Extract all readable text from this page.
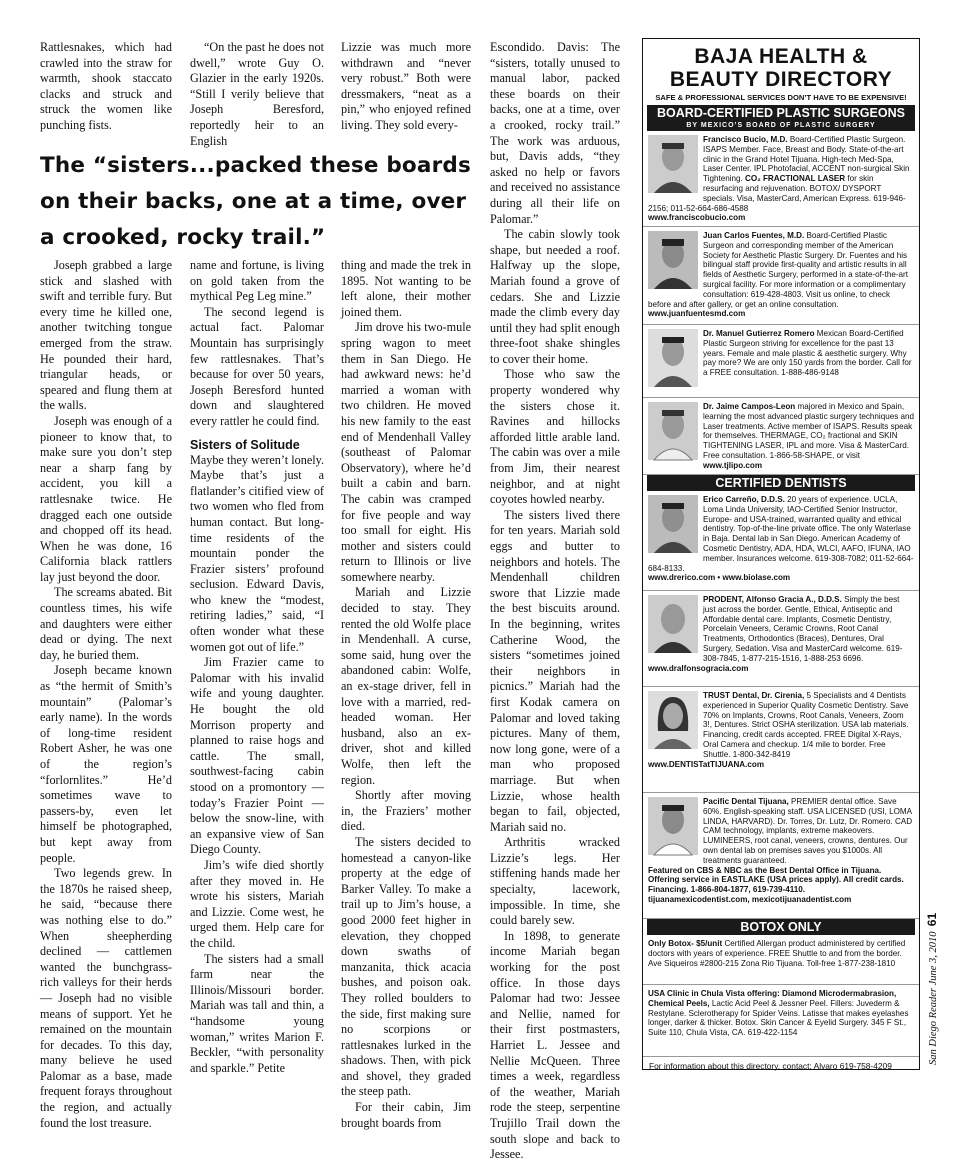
Rattlesnakes, which had crawled into the straw for warmth, shook staccato clacks and struck and struck the women like punching fists.

“On the past he does not dwell,” wrote Guy O. Glazier in the early 1920s. “Still I verily believe that Joseph Beresford, reportedly heir to an English

Lizzie was much more withdrawn and “never very robust.” Both were dressmakers, “neat as a pin,” who enjoyed refined living. They sold every-

The “sisters...packed these boards on their backs, one at a time, over a crooked, rocky trail.”

Joseph grabbed a large stick and slashed with swift and terrible fury. But every time he killed one, another twitching tongue emerged from the straw. He pounded their hard, triangular heads, or speared and flung them at the walls.

Joseph was enough of a pioneer to know that, to make sure you don’t step near a sharp fang by accident, you kill a rattlesnake twice. He dragged each one outside and chopped off its head. When he was done, 16 California black rattlers lay just beyond the door.

The screams abated. Bit countless times, his wife and daughters were either dead or dying. The next day, he buried them.

Joseph became known as “the hermit of Smith’s mountain” (Palomar’s early name). In the words of long-time resident Robert Asher, he was one of the region’s “forlornlites.” He’d sometimes wave to passers-by, even let himself be photographed, but kept away from people.

Two legends grew. In the 1870s he raised sheep, he said, “because there was nothing else to do.” When sheepherding declined — cattlemen wanted the bunchgrass-rich valleys for their herds — Joseph had no visible means of support. Yet he remained on the mountain for decades. To this day, many believe he used Palomar as a base, made frequent forays throughout the region, and actually found the lost treasure.

name and fortune, is living on gold taken from the mythical Peg Leg mine.”

The second legend is actual fact. Palomar Mountain has surprisingly few rattlesnakes. That’s because for over 50 years, Joseph Beresford hunted down and slaughtered every rattler he could find.

Sisters of Solitude

Maybe they weren’t lonely. Maybe that’s just a flatlander’s citified view of two women who fled from human contact. But long-time residents of the mountain ponder the Frazier sisters’ profound seclusion. Edward Davis, who knew the “modest, retiring ladies,” said, “I often wonder what these women got out of life.”

Jim Frazier came to Palomar with his invalid wife and young daughter. He bought the old Morrison property and planned to raise hogs and cattle. The small, southwest-facing cabin stood on a promontory — today’s Frazier Point — below the snow-line, with an expansive view of San Diego County.

Jim’s wife died shortly after they moved in. He wrote his sisters, Mariah and Lizzie. Come west, he urged them. Help care for the child.

The sisters had a small farm near the Illinois/Missouri border. Mariah was tall and thin, a “handsome young woman,” writes Marion F. Beckler, “with personality and sparkle.” Petite

thing and made the trek in 1895. Not wanting to be left alone, their mother joined them.

Jim drove his two-mule spring wagon to meet them in San Diego. He had awkward news: he’d married a woman with two children. He moved his new family to the east end of Mendenhall Valley (southeast of Palomar Observatory), where he’d built a cabin and barn. The cabin was cramped for five people and way too small for eight. His mother and sisters could return to Illinois or live somewhere nearby.

Mariah and Lizzie decided to stay. They rented the old Wolfe place in Mendenhall. A curse, some said, hung over the abandoned cabin: Wolfe, an ex-stage driver, fell in love with a married, red-headed woman. Her husband, also an ex-driver, shot and killed Wolfe, then left the region.

Shortly after moving in, the Fraziers’ mother died.

The sisters decided to homestead a canyon-like property at the edge of Barker Valley. To make a trail up to Jim’s house, a good 2000 feet higher in elevation, they chopped down swaths of manzanita, thick acacia bushes, and poison oak. They rolled boulders to the side, first making sure no scorpions or rattlesnakes lurked in the shadows. Then, with pick and shovel, they graded the steep path.

For their cabin, Jim brought boards from

Escondido. Davis: The “sisters, totally unused to manual labor, packed these boards on their backs, one at a time, over a crooked, rocky trail.” The work was arduous, but, Davis adds, “they asked no help or favors and received no assistance during all their life on Palomar.”

The cabin slowly took shape, but needed a roof. Halfway up the slope, Mariah found a grove of cedars. She and Lizzie made the climb every day until they had split enough three-foot shake shingles to cover their home.

Those who saw the property wondered why the sisters chose it. Ravines and hillocks afforded little arable land. The cabin was over a mile from Jim, their nearest neighbor, and at night coyotes howled nearby.

The sisters lived there for ten years. Mariah sold eggs and butter to neighbors and hotels. The Mendenhall children swore that Lizzie made the best biscuits around. In the beginning, writes Catherine Wood, the sisters “sometimes joined their neighbors in picnics.” Mariah had the first Kodak camera on Palomar and loved taking pictures. Many of them, now long gone, were of a man who proposed marriage. But when Lizzie, whose health began to fail, objected, Mariah said no.

Arthritis wracked Lizzie’s legs. Her stiffening hands made her specialty, lacework, impossible. In time, she could barely sew.

In 1898, to generate income Mariah began working for the post office. In those days Palomar had two: Jessee and Nellie, named for their first postmasters, Harriet L. Jessee and Nellie McQueen. Three times a week, regardless of the weather, Mariah rode the steep, serpentine Trujillo Trail down the south slope and back to Jessee.

BAJA HEALTH &
BEAUTY DIRECTORY
SAFE & PROFESSIONAL SERVICES DON’T HAVE TO BE EXPENSIVE!
BOARD-CERTIFIED PLASTIC SURGEONS
BY MEXICO’S BOARD OF PLASTIC SURGERY
Francisco Bucio, M.D. Board-Certified Plastic Surgeon. ISAPS Member. Face, Breast and Body. State-of-the-art clinic in the Grand Hotel Tijuana. High-tech Med-Spa, Laser Center. IPL Photofacial, ACCENT non-surgical Skin Tightening. CO₂ FRACTIONAL LASER for skin resurfacing and rejuvenation. BOTOX/ DYSPORT specials. Visa, MasterCard, American Express. 619-946-2156; 011-52-664-686-4588
www.franciscobucio.com
Juan Carlos Fuentes, M.D. Board-Certified Plastic Surgeon and corresponding member of the American Society for Aesthetic Plastic Surgery. Dr. Fuentes and his bilingual staff provide first-quality and artistic results in all fields of Aesthetic Surgery, performed in a state-of-the-art surgical facility. For more information or a complimentary consultation: 619-428-4803. Visit us online, to check before and after gallery, or get an online consultation. www.juanfuentesmd.com
Dr. Manuel Gutierrez Romero Mexican Board-Certified Plastic Surgeon striving for excellence for the past 13 years. Female and male plastic & aesthetic surgery. Why pay more? We are only 150 yards from the border. Call for a FREE consultation. 1-888-486-9148
Dr. Jaime Campos-Leon majored in Mexico and Spain, learning the most advanced plastic surgery techniques and Laser treatments. Active member of ISAPS. Results speak for themselves. THERMAGE, CO₂ fractional and SKIN TIGHTENING LASER, IPL and more. Visa & MasterCard. Free consultation. 1-866-58-SHAPE, or visit www.tjlipo.com
CERTIFIED DENTISTS
Erico Carreño, D.D.S. 20 years of experience. UCLA, Loma Linda University, IAO-Certified Senior Instructor, Europe- and USA-trained, warranted quality and ethical dentistry. Top-of-the-line private office. The only Waterlase in Baja. Dental lab in San Diego. American Academy of Cosmetic Dentistry, ADA, HDA, WLCI, AAFO, IFUNA, IAO member. Insurances welcome. 619-308-7082; 011-52-664-684-8133.
www.drerico.com • www.biolase.com
PRODENT, Alfonso Gracia A., D.D.S. Simply the best just across the border. Gentle, Ethical, Antiseptic and Affordable dental care. Implants, Cosmetic Dentistry, Porcelain Veneers, Ceramic Crowns, Root Canal Treatments, Orthodontics (Braces), Dentures, Oral Surgery, Sedation. Visa and MasterCard welcome. 619-308-7845, 1-877-215-1516, 1-888-253 6696.
www.dralfonsogracia.com
TRUST Dental, Dr. Cirenia, 5 Specialists and 4 Dentists experienced in Superior Quality Cosmetic Dentistry. Save 70% on Implants, Crowns, Root Canals, Veneers, Zoom 3!, Dentures. Strict OSHA sterilization. USA lab materials. Financing, credit cards accepted. FREE Digital X-Rays, Oral Camera and checkup. 1/4 mile to border. Free Shuttle. 1-800-342-8419
www.DENTISTatTIJUANA.com
Pacific Dental Tijuana, PREMIER dental office. Save 60%. English-speaking staff. USA LICENSED (USI, LOMA LINDA, HARVARD). Dr. Torres, Dr. Lutz, Dr. Romero. CAD CAM technology, implants, extreme makeovers. LUMINEERS, root canal, veneers, crowns, dentures. Our own dental lab on premises saves you $1000s. All treatments guaranteed.
Featured on CBS & NBC as the Best Dental Office in Tijuana. Offering service in EASTLAKE (USA prices apply). All credit cards. Financing. 1-866-804-1877, 619-739-4110.
tijuanamexicodentist.com, mexicotijuanadentist.com
BOTOX ONLY
Only Botox- $5/unit Certified Allergan product administered by certified doctors with years of experience. FREE Shuttle to and from the border. Ave Siqueiros #2800-215 Zona Rio Tijuana. Toll-free 1-877-238-1810
USA Clinic in Chula Vista offering: Diamond Microdermabrasion, Chemical Peels, Lactic Acid Peel & Jessner Peel. Fillers: Juvederm & Restylane. Sclerotherapy for Spider Veins. Latisse that makes eyelashes longer, darker & thicker. Botox. Skin Cancer & Eyelid Surgery. 345 F St., Suite 110, Chula Vista, CA. 619-422-1154
For information about this directory, contact: Alvaro 619-758-4209
San Diego Reader June 3, 2010  61
